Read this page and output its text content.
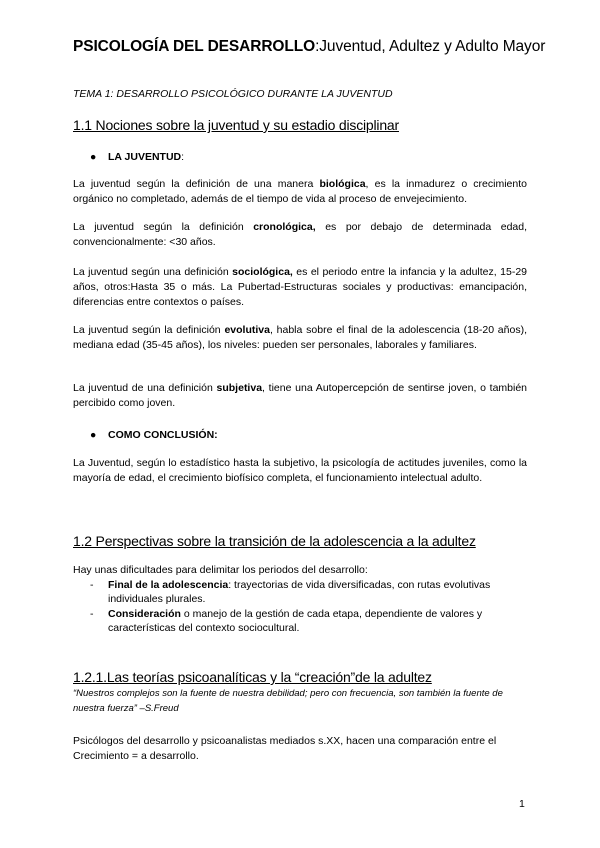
PSICOLOGÍA DEL DESARROLLO:Juventud, Adultez y Adulto Mayor
TEMA 1: DESARROLLO PSICOLÓGICO DURANTE LA JUVENTUD
1.1 Nociones sobre la juventud y su estadio disciplinar
● LA JUVENTUD:
La juventud según la definición de una manera biológica, es la inmadurez o crecimiento orgánico no completado, además de el tiempo de vida al proceso de envejecimiento.
La juventud según la definición cronológica, es por debajo de determinada edad, convencionalmente: <30 años.
La juventud según una definición sociológica, es el periodo entre la infancia y la adultez, 15-29 años, otros:Hasta 35 o más. La Pubertad-Estructuras sociales y productivas: emancipación, diferencias entre contextos o países.
La juventud según la definición evolutiva, habla sobre el final de la adolescencia (18-20 años), mediana edad (35-45 años), los niveles: pueden ser personales, laborales y familiares.
La juventud de una definición subjetiva, tiene una Autopercepción de sentirse joven, o también percibido como joven.
● COMO CONCLUSIÓN:
La Juventud, según lo estadístico hasta la subjetivo, la psicología de actitudes juveniles, como la mayoría de edad, el crecimiento biofísico completa, el funcionamiento intelectual adulto.
1.2 Perspectivas sobre la transición de la adolescencia a la adultez
Hay unas dificultades para delimitar los periodos del desarrollo:
- Final de la adolescencia: trayectorias de vida diversificadas, con rutas evolutivas individuales plurales.
- Consideración o manejo de la gestión de cada etapa, dependiente de valores y características del contexto sociocultural.
1.2.1.Las teorías psicoanalíticas y la “creación”de la adultez
“Nuestros complejos son la fuente de nuestra debilidad; pero con frecuencia, son también la fuente de nuestra fuerza” –S.Freud
Psicólogos del desarrollo y psicoanalistas mediados s.XX, hacen una comparación entre el Crecimiento = a desarrollo.
1
